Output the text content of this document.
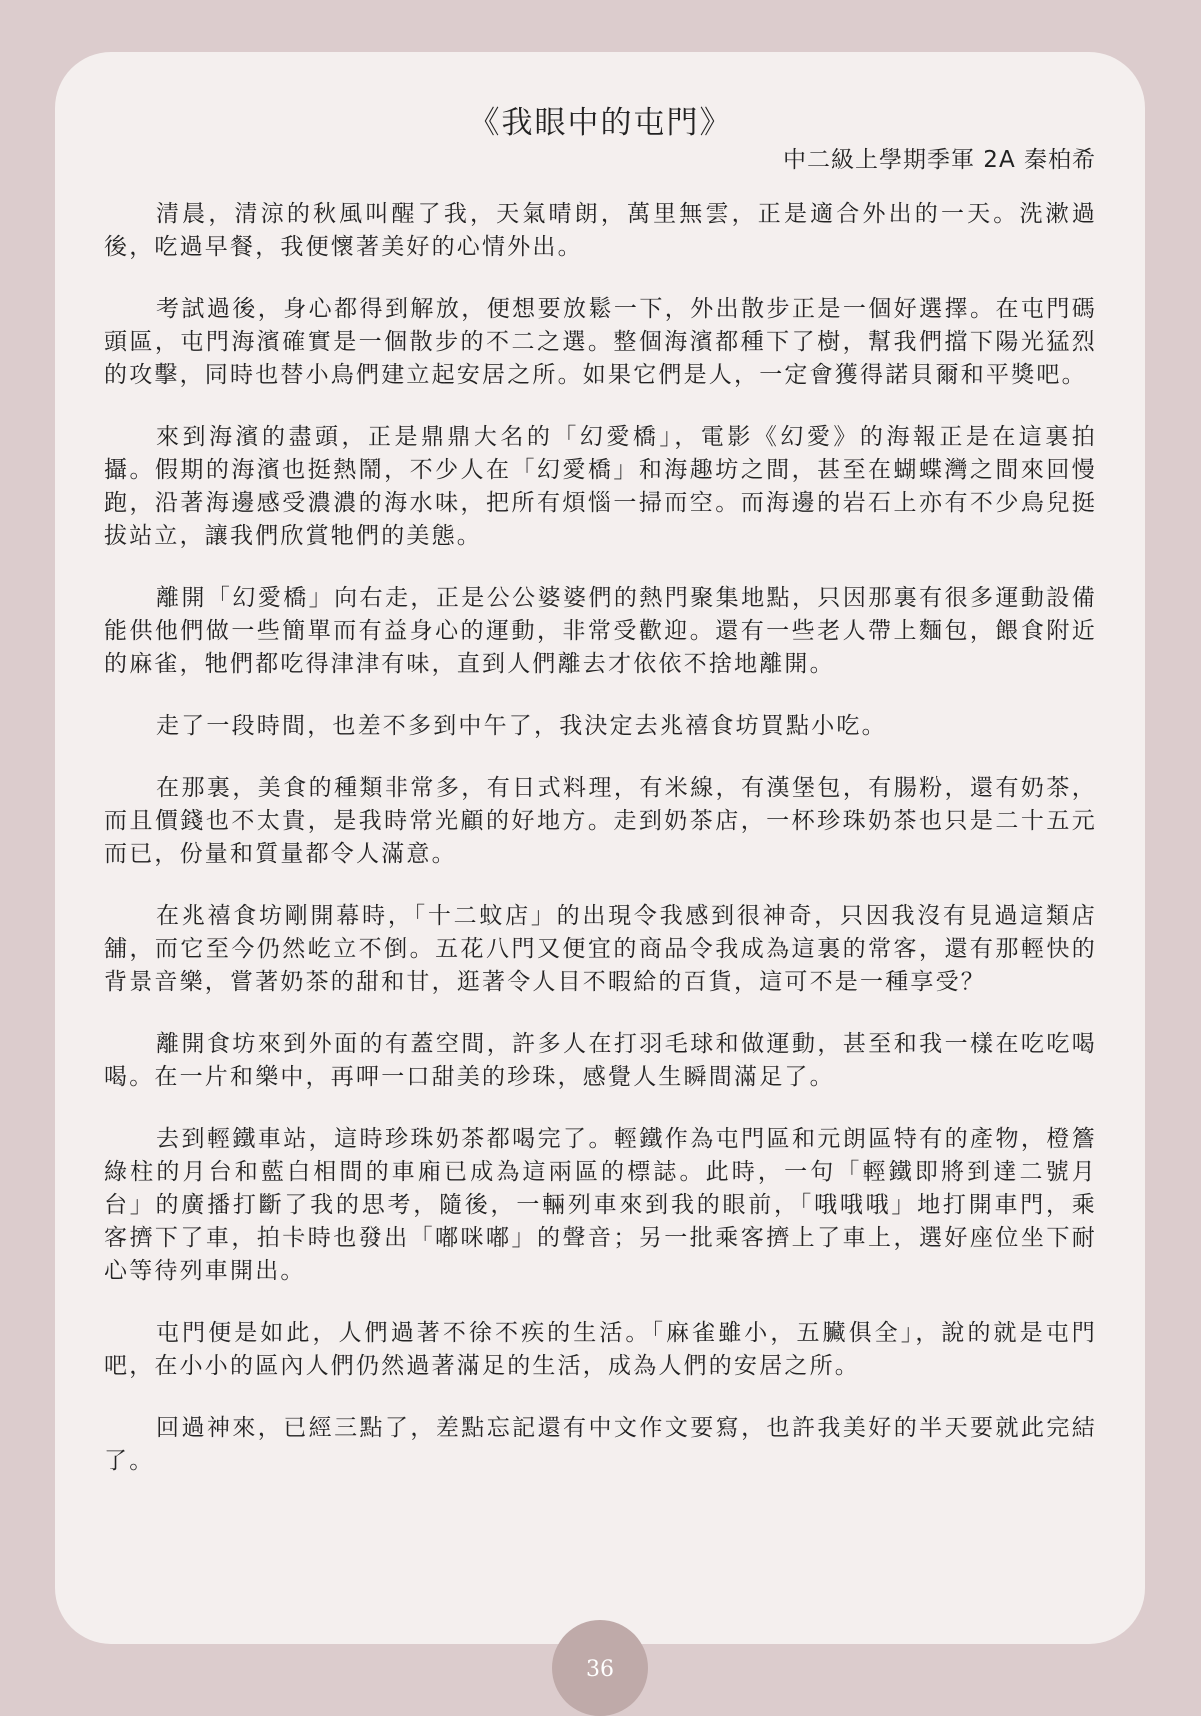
《我眼中的屯門》

中二級上學期季軍 2A 秦柏希

清晨，清涼的秋風叫醒了我，天氣晴朗，萬里無雲，正是適合外出的一天。洗漱過後，吃過早餐，我便懷著美好的心情外出。

考試過後，身心都得到解放，便想要放鬆一下，外出散步正是一個好選擇。在屯門碼頭區，屯門海濱確實是一個散步的不二之選。整個海濱都種下了樹，幫我們擋下陽光猛烈的攻擊，同時也替小鳥們建立起安居之所。如果它們是人，一定會獲得諾貝爾和平獎吧。

來到海濱的盡頭，正是鼎鼎大名的「幻愛橋」，電影《幻愛》的海報正是在這裏拍攝。假期的海濱也挺熱鬧，不少人在「幻愛橋」和海趣坊之間，甚至在蝴蝶灣之間來回慢跑，沿著海邊感受濃濃的海水味，把所有煩惱一掃而空。而海邊的岩石上亦有不少鳥兒挺拔站立，讓我們欣賞牠們的美態。

離開「幻愛橋」向右走，正是公公婆婆們的熱門聚集地點，只因那裏有很多運動設備能供他們做一些簡單而有益身心的運動，非常受歡迎。還有一些老人帶上麵包，餵食附近的麻雀，牠們都吃得津津有味，直到人們離去才依依不捨地離開。

走了一段時間，也差不多到中午了，我決定去兆禧食坊買點小吃。

在那裏，美食的種類非常多，有日式料理，有米線，有漢堡包，有腸粉，還有奶茶，而且價錢也不太貴，是我時常光顧的好地方。走到奶茶店，一杯珍珠奶茶也只是二十五元而已，份量和質量都令人滿意。

在兆禧食坊剛開幕時，「十二蚊店」的出現令我感到很神奇，只因我沒有見過這類店舖，而它至今仍然屹立不倒。五花八門又便宜的商品令我成為這裏的常客，還有那輕快的背景音樂，嘗著奶茶的甜和甘，逛著令人目不暇給的百貨，這可不是一種享受？

離開食坊來到外面的有蓋空間，許多人在打羽毛球和做運動，甚至和我一樣在吃吃喝喝。在一片和樂中，再呷一口甜美的珍珠，感覺人生瞬間滿足了。

去到輕鐵車站，這時珍珠奶茶都喝完了。輕鐵作為屯門區和元朗區特有的產物，橙簷綠柱的月台和藍白相間的車廂已成為這兩區的標誌。此時，一句「輕鐵即將到達二號月台」的廣播打斷了我的思考，隨後，一輛列車來到我的眼前，「哦哦哦」地打開車門，乘客擠下了車，拍卡時也發出「嘟咪嘟」的聲音；另一批乘客擠上了車上，選好座位坐下耐心等待列車開出。

屯門便是如此，人們過著不徐不疾的生活。「麻雀雖小，五臟俱全」，說的就是屯門吧，在小小的區內人們仍然過著滿足的生活，成為人們的安居之所。

回過神來，已經三點了，差點忘記還有中文作文要寫，也許我美好的半天要就此完結了。

36
